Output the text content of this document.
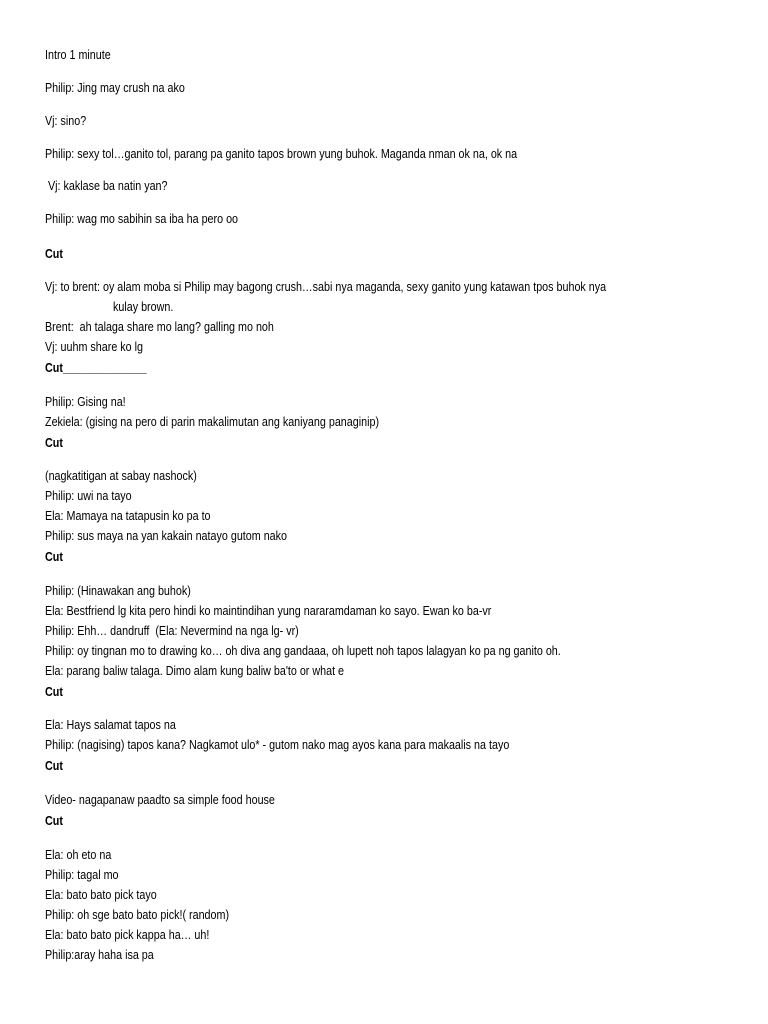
Intro 1 minute

Philip: Jing may crush na ako

Vj: sino?

Philip: sexy tol…ganito tol, parang pa ganito tapos brown yung buhok. Maganda nman ok na, ok na

Vj: kaklase ba natin yan?

Philip: wag mo sabihin sa iba ha pero oo

Cut

Vj: to brent: oy alam moba si Philip may bagong crush…sabi nya maganda, sexy ganito yung katawan tpos buhok nya

kulay brown.

Brent:  ah talaga share mo lang? galling mo noh

Vj: uuhm share ko lg

Cut______________

Philip: Gising na!

Zekiela: (gising na pero di parin makalimutan ang kaniyang panaginip)

Cut

(nagkatitigan at sabay nashock)

Philip: uwi na tayo

Ela: Mamaya na tatapusin ko pa to

Philip: sus maya na yan kakain natayo gutom nako

Cut

Philip: (Hinawakan ang buhok)

Ela: Bestfriend lg kita pero hindi ko maintindihan yung nararamdaman ko sayo. Ewan ko ba-vr

Philip: Ehh… dandruff  (Ela: Nevermind na nga lg- vr)

Philip: oy tingnan mo to drawing ko… oh diva ang gandaaa, oh lupett noh tapos lalagyan ko pa ng ganito oh.

Ela: parang baliw talaga. Dimo alam kung baliw ba'to or what e

Cut

Ela: Hays salamat tapos na

Philip: (nagising) tapos kana? Nagkamot ulo* - gutom nako mag ayos kana para makaalis na tayo

Cut

Video- nagapanaw paadto sa simple food house

Cut

Ela: oh eto na

Philip: tagal mo

Ela: bato bato pick tayo

Philip: oh sge bato bato pick!( random)

Ela: bato bato pick kappa ha… uh!

Philip:aray haha isa pa
